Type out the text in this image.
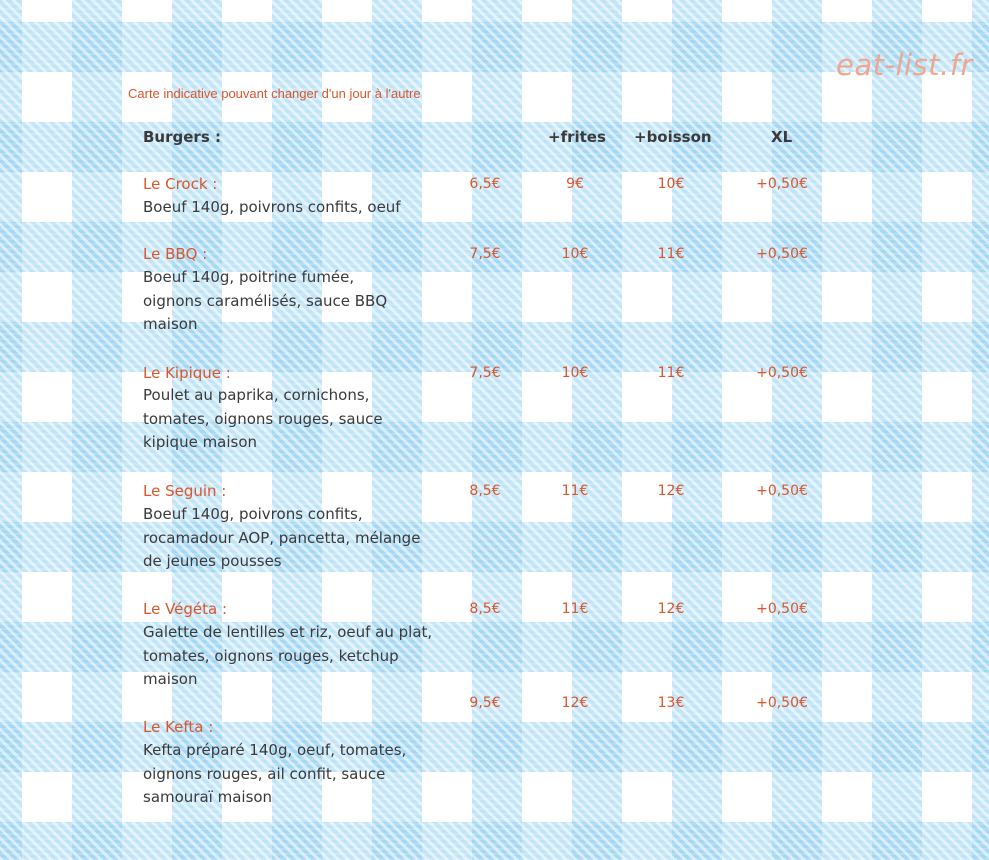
eat-list.fr
Carte indicative pouvant changer d'un jour à l'autre
Burgers :	+frites +boisson	XL
Le Crock :
Boeuf 140g, poivrons confits, oeuf
6,5€	9€	10€	+0,50€
Le BBQ :
Boeuf 140g, poitrine fumée,
oignons caramélisés, sauce BBQ
maison
7,5€	10€	11€	+0,50€
Le Kipique :
Poulet au paprika, cornichons,
tomates, oignons rouges, sauce
kipique maison
7,5€	10€	11€	+0,50€
Le Seguin :
Boeuf 140g, poivrons confits,
rocamadour AOP, pancetta, mélange
de jeunes pousses
8,5€	11€	12€	+0,50€
Le Végéta :
Galette de lentilles et riz, oeuf au plat,
tomates, oignons rouges, ketchup
maison
8,5€	11€	12€	+0,50€
Le Kefta :
Kefta préparé 140g, oeuf, tomates,
oignons rouges, ail confit, sauce
samouraï maison
9,5€	12€	13€	+0,50€
